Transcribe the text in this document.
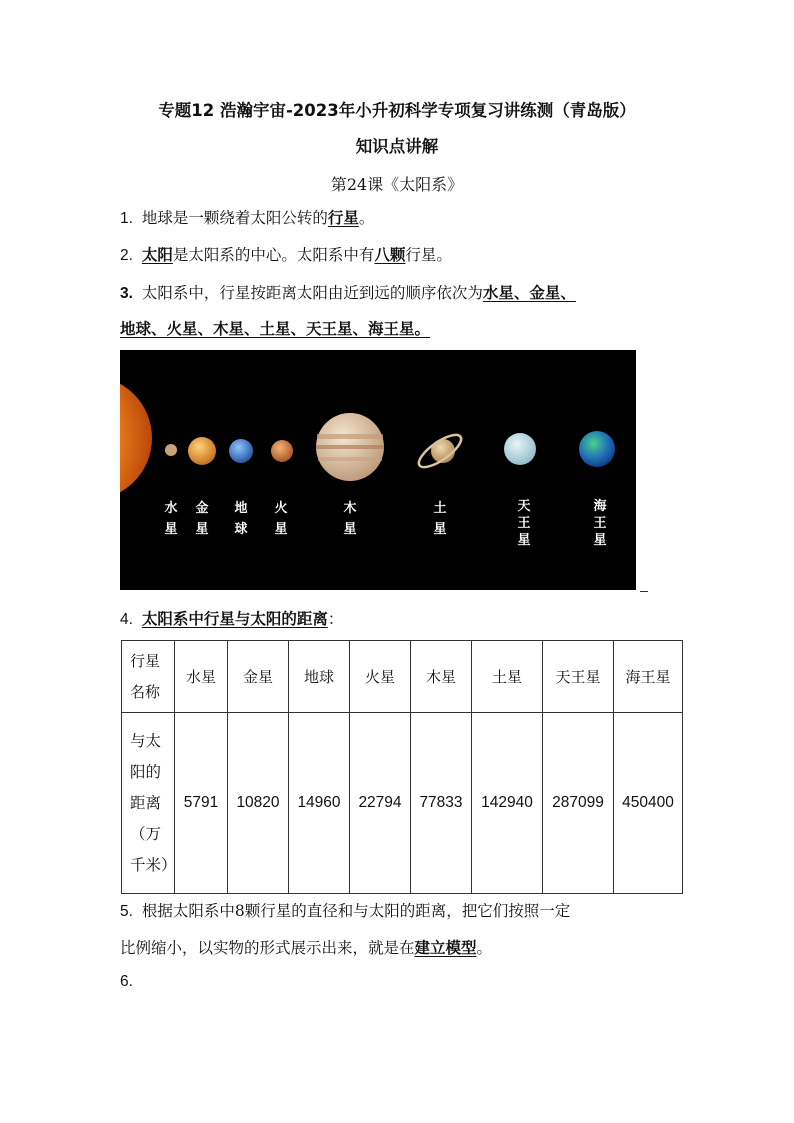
专题12 浩瀚宇宙-2023年小升初科学专项复习讲练测（青岛版）
知识点讲解
第24课《太阳系》
1. 地球是一颗绕着太阳公转的行星。
2. 太阳是太阳系的中心。太阳系中有八颗行星。
3. 太阳系中，行星按距离太阳由近到远的顺序依次为水星、金星、
地球、火星、木星、土星、天王星、海王星。
水星
金星
地球
火星
木星
土星
天王星
海王星
4. 太阳系中行星与太阳的距离：
行星名称	水星	金星	地球	火星	木星	土星	天王星	海王星
与太阳的距离（万千米）	5791	10820	14960	22794	77833	142940	287099	450400
5. 根据太阳系中8颗行星的直径和与太阳的距离，把它们按照一定
比例缩小，以实物的形式展示出来，就是在建立模型。
6.
